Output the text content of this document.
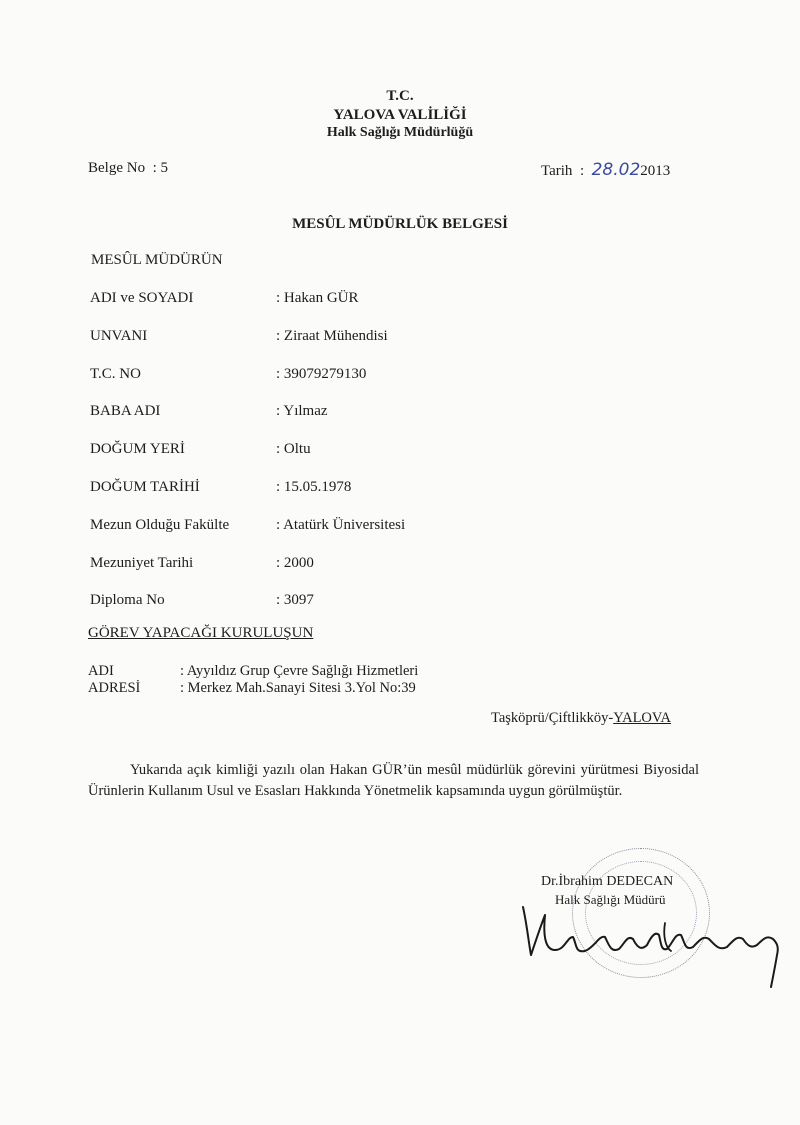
T.C.
YALOVA VALİLİĞİ
Halk Sağlığı Müdürlüğü
Belge No : 5	Tarih : 28.022013
MESÛL MÜDÜRLÜK BELGESİ
MESÛL MÜDÜRÜN
ADI ve SOYADI	: Hakan GÜR
UNVANI	: Ziraat Mühendisi
T.C. NO	: 39079279130
BABA ADI	: Yılmaz
DOĞUM YERİ	: Oltu
DOĞUM TARİHİ	: 15.05.1978
Mezun Olduğu Fakülte	: Atatürk Üniversitesi
Mezuniyet Tarihi	: 2000
Diploma No	: 3097
GÖREV YAPACAĞI KURULUŞUN
ADI	: Ayyıldız Grup Çevre Sağlığı Hizmetleri
ADRESİ	: Merkez Mah.Sanayi Sitesi 3.Yol No:39
Taşköprü/Çiftlikköy-YALOVA
Yukarıda açık kimliği yazılı olan Hakan GÜR’ün mesûl müdürlük görevini yürütmesi Biyosidal Ürünlerin Kullanım Usul ve Esasları Hakkında Yönetmelik kapsamında uygun görülmüştür.
Dr.İbrahim DEDECAN
Halk Sağlığı Müdürü
